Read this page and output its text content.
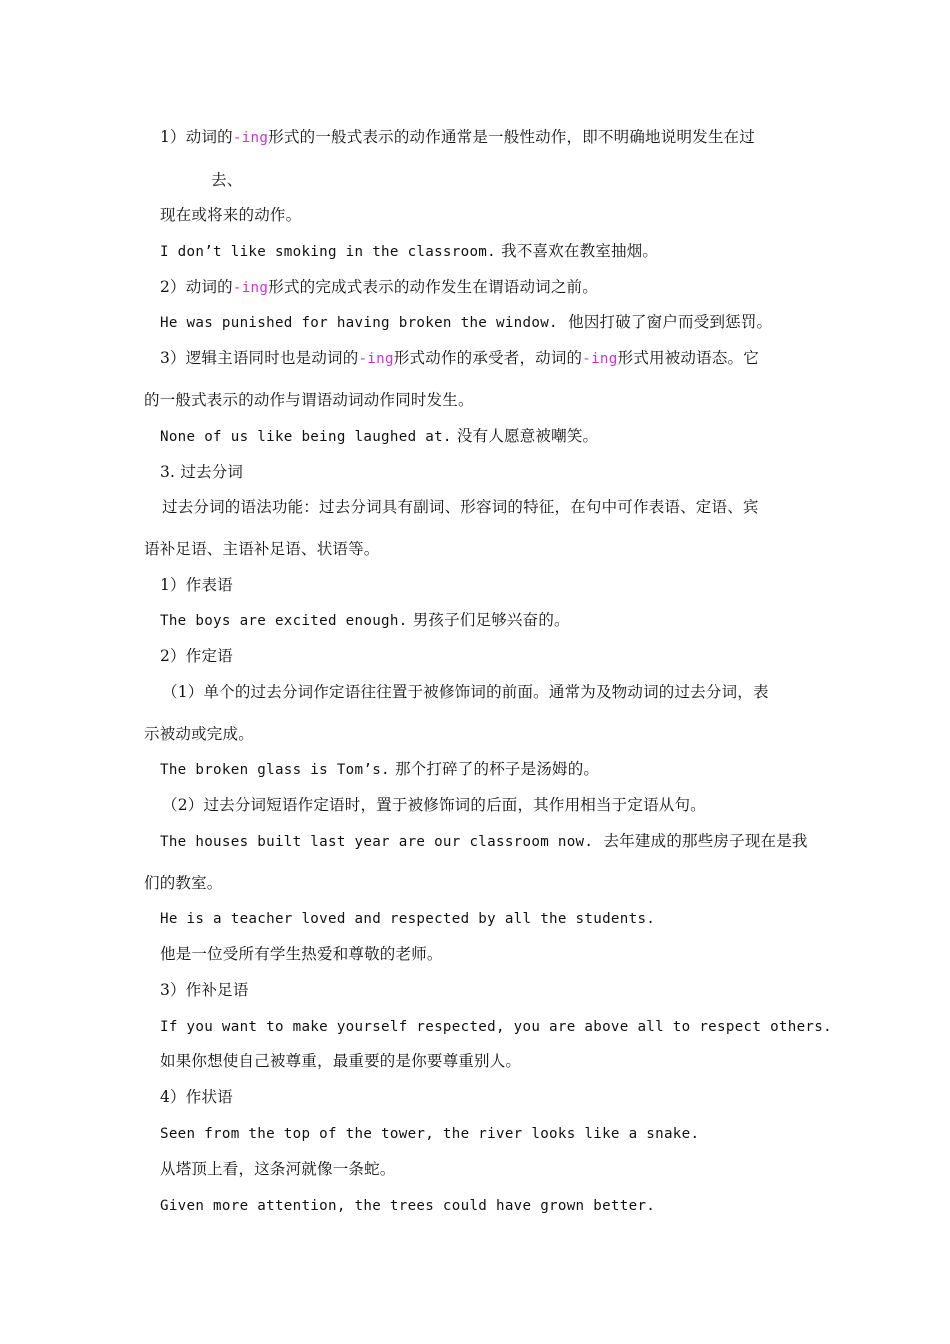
1）动词的-ing形式的一般式表示的动作通常是一般性动作，即不明确地说明发生在过
去、
现在或将来的动作。
I don’t like smoking in the classroom. 我不喜欢在教室抽烟。
2）动词的-ing形式的完成式表示的动作发生在谓语动词之前。
He was punished for having broken the window. 他因打破了窗户而受到惩罚。
3）逻辑主语同时也是动词的-ing形式动作的承受者，动词的-ing形式用被动语态。它
的一般式表示的动作与谓语动词动作同时发生。
None of us like being laughed at. 没有人愿意被嘲笑。
3. 过去分词
过去分词的语法功能：过去分词具有副词、形容词的特征，在句中可作表语、定语、宾
语补足语、主语补足语、状语等。
1）作表语
The boys are excited enough. 男孩子们足够兴奋的。
2）作定语
（1）单个的过去分词作定语往往置于被修饰词的前面。通常为及物动词的过去分词，表
示被动或完成。
The broken glass is Tom’s. 那个打碎了的杯子是汤姆的。
（2）过去分词短语作定语时，置于被修饰词的后面，其作用相当于定语从句。
The houses built last year are our classroom now. 去年建成的那些房子现在是我
们的教室。
He is a teacher loved and respected by all the students.
他是一位受所有学生热爱和尊敬的老师。
3）作补足语
If you want to make yourself respected, you are above all to respect others.
如果你想使自己被尊重，最重要的是你要尊重别人。
4）作状语
Seen from the top of the tower, the river looks like a snake.
从塔顶上看，这条河就像一条蛇。
Given more attention, the trees could have grown better.
